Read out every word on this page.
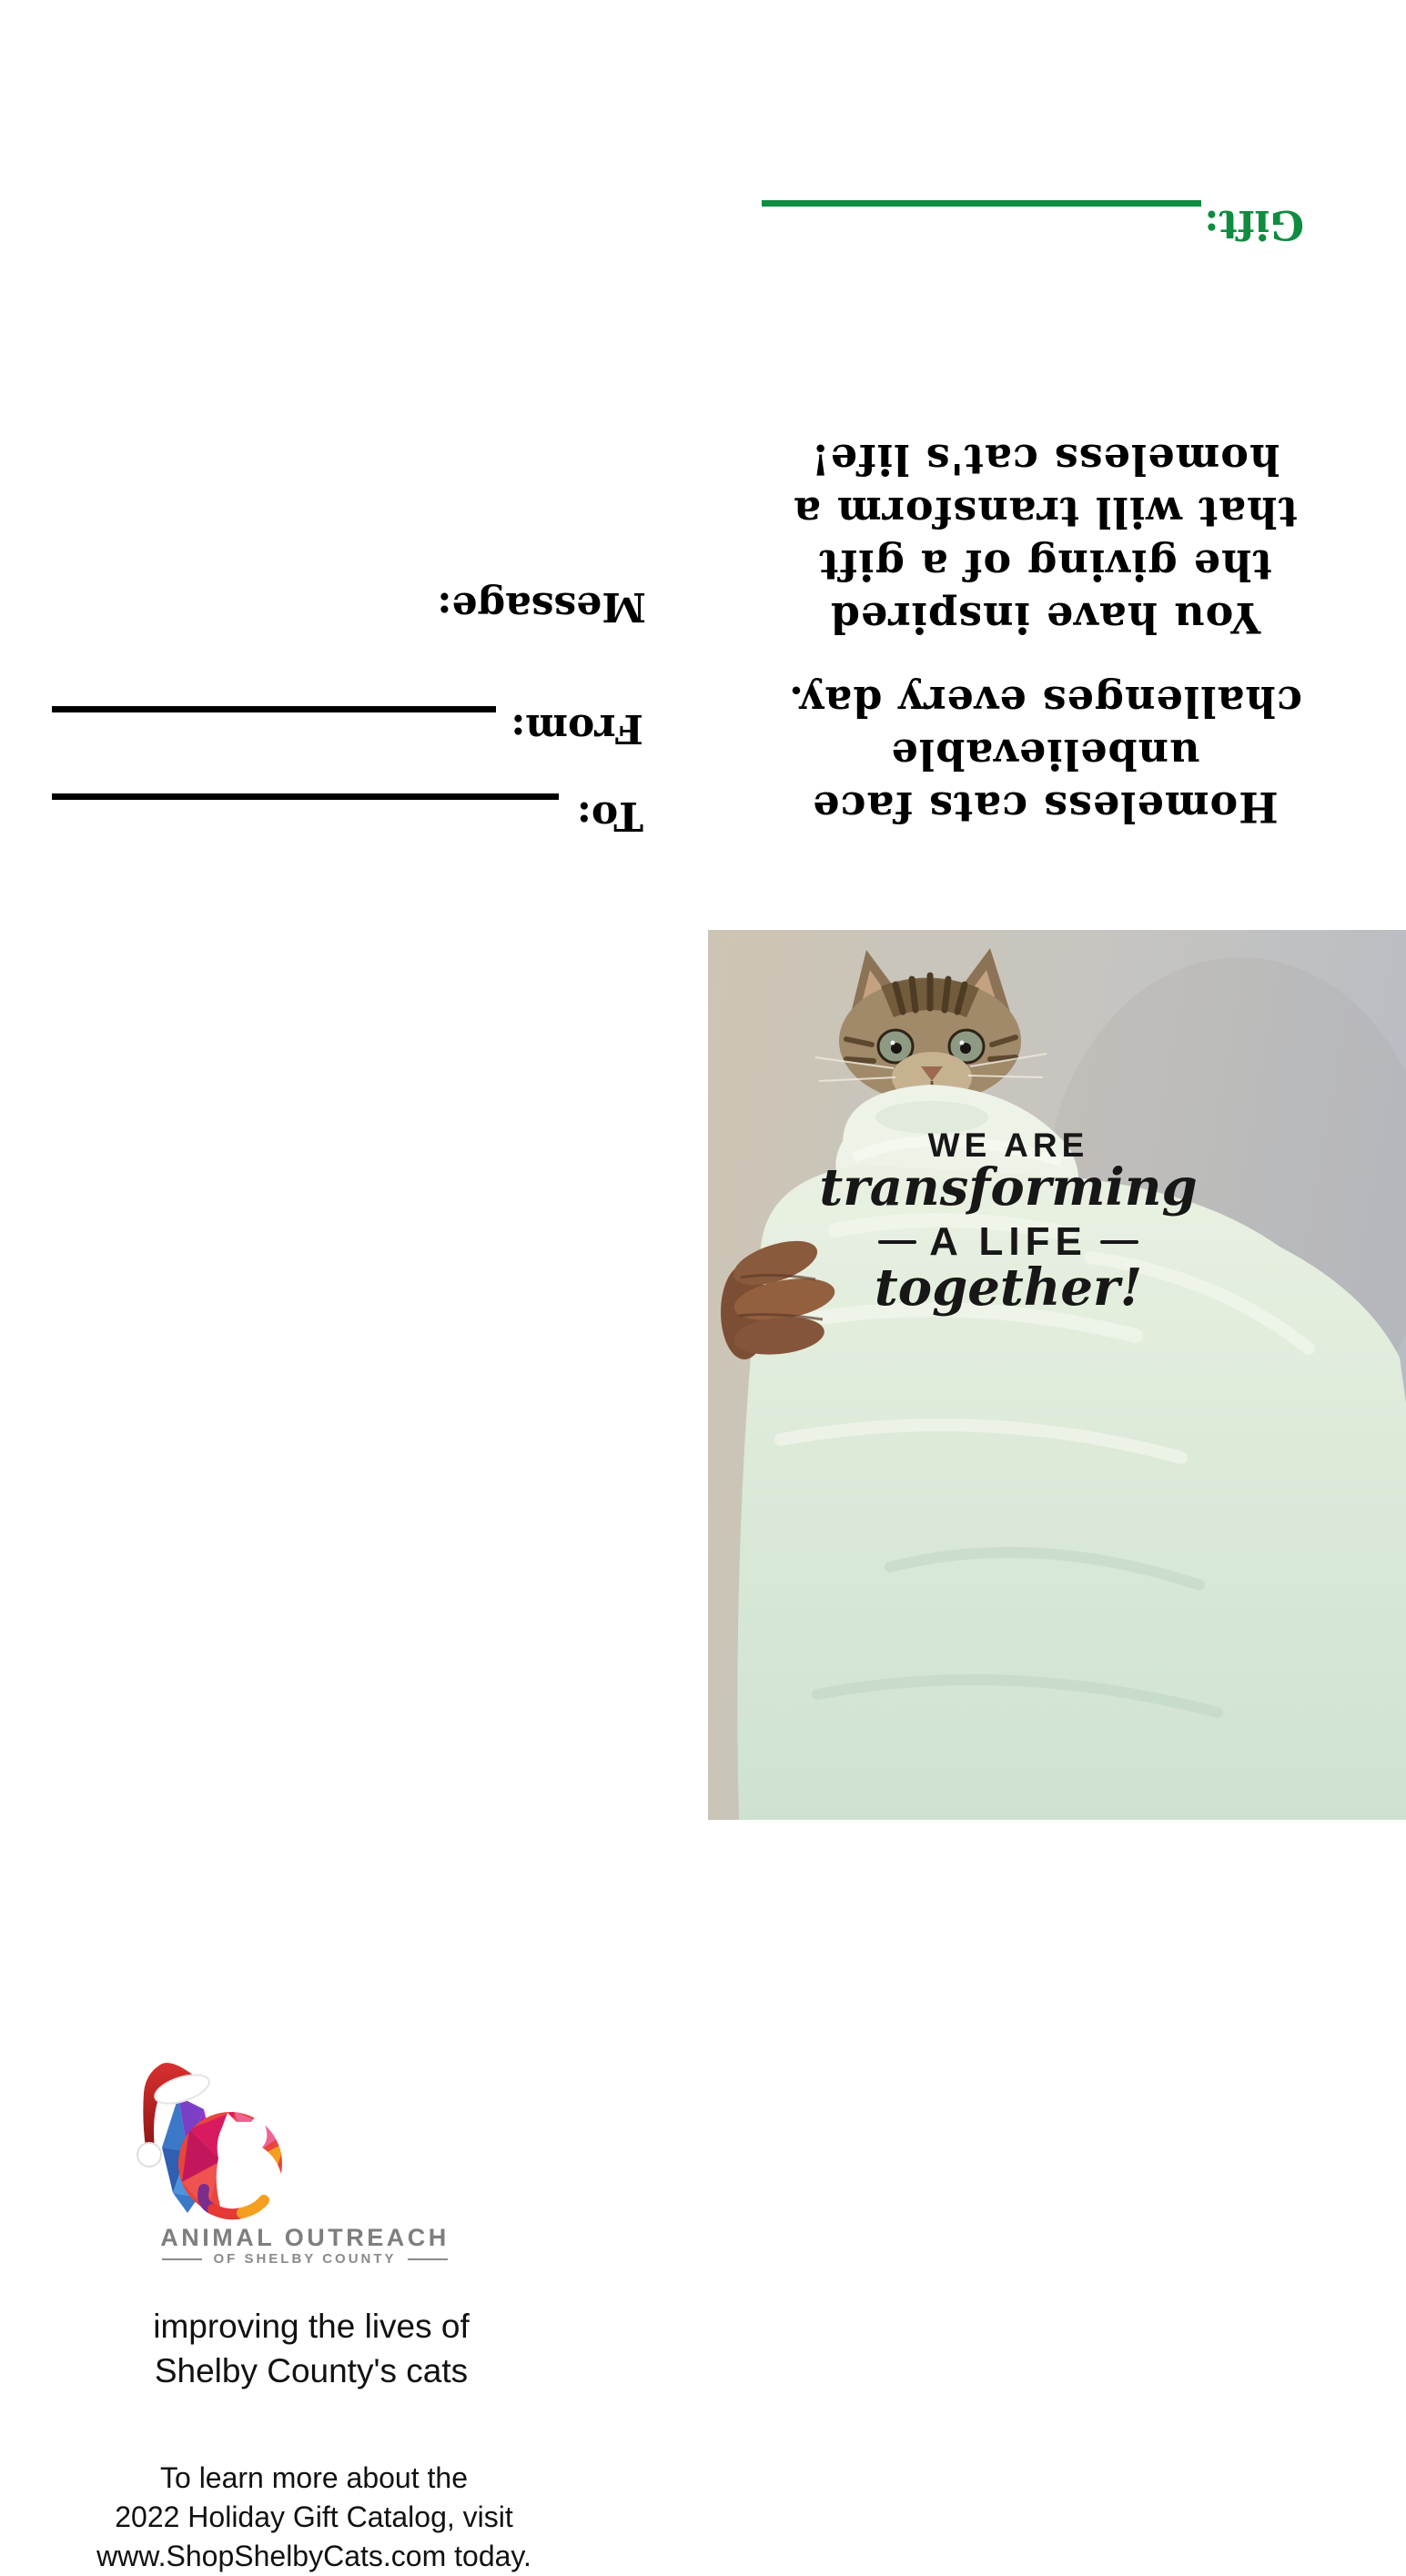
To:
From:
Message:
Homeless cats face
unbelievable
challenges every day.
You have inspired
the giving of a gift
that will transform a
homeless cat's life!
Gift:
ANIMAL OUTREACH
OF SHELBY COUNTY
improving the lives of
Shelby County's cats
To learn more about the
2022 Holiday Gift Catalog, visit
www.ShopShelbyCats.com today.
WE ARE
transforming
A LIFE
together!
